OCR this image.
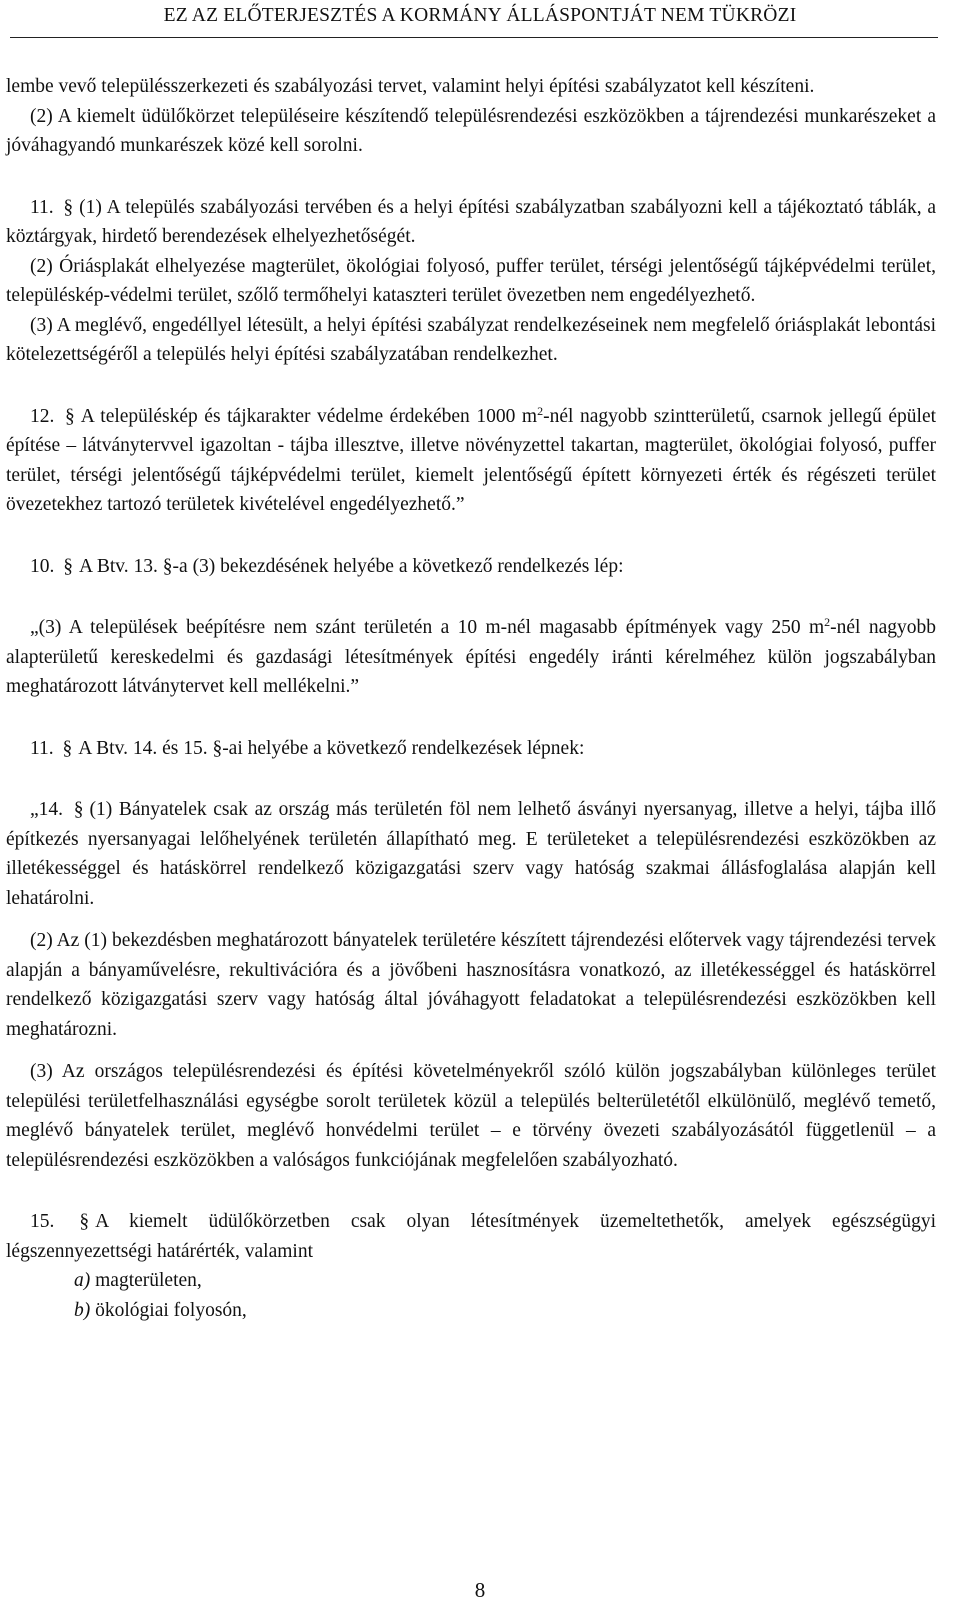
EZ AZ ELŐTERJESZTÉS A KORMÁNY ÁLLÁSPONTJÁT NEM TÜKRÖZI

lembe vevő településszerkezeti és szabályozási tervet, valamint helyi építési szabályzatot kell készíteni.

(2) A kiemelt üdülőkörzet településeire készítendő településrendezési eszközökben a tájrendezési munkarészeket a jóváhagyandó munkarészek közé kell sorolni.

11. § (1) A település szabályozási tervében és a helyi építési szabályzatban szabályozni kell a tájékoztató táblák, a köztárgyak, hirdető berendezések elhelyezhetőségét.

(2) Óriásplakát elhelyezése magterület, ökológiai folyosó, puffer terület, térségi jelentőségű tájképvédelmi terület, településkép-védelmi terület, szőlő termőhelyi kataszteri terület övezetben nem engedélyezhető.

(3) A meglévő, engedéllyel létesült, a helyi építési szabályzat rendelkezéseinek nem megfelelő óriásplakát lebontási kötelezettségéről a település helyi építési szabályzatában rendelkezhet.

12. § A településkép és tájkarakter védelme érdekében 1000 $m^2$-nél nagyobb szintterületű, csarnok jellegű épület építése – látványtervvel igazoltan - tájba illesztve, illetve növényzettel takartan, magterület, ökológiai folyosó, puffer terület, térségi jelentőségű tájképvédelmi terület, kiemelt jelentőségű épített környezeti érték és régészeti terület övezetekhez tartozó területek kivételével engedélyezhető.”

10. § A Btv. 13. §-a (3) bekezdésének helyébe a következő rendelkezés lép:

„(3) A települések beépítésre nem szánt területén a 10 m-nél magasabb építmények vagy 250 $m^2$-nél nagyobb alapterületű kereskedelmi és gazdasági létesítmények építési engedély iránti kérelméhez külön jogszabályban meghatározott látványtervet kell mellékelni.”

11. § A Btv. 14. és 15. §-ai helyébe a következő rendelkezések lépnek:

„14. § (1) Bányatelek csak az ország más területén föl nem lelhető ásványi nyersanyag, illetve a helyi, tájba illő építkezés nyersanyagai lelőhelyének területén állapítható meg. E területeket a településrendezési eszközökben az illetékességgel és hatáskörrel rendelkező közigazgatási szerv vagy hatóság szakmai állásfoglalása alapján kell lehatárolni.

(2) Az (1) bekezdésben meghatározott bányatelek területére készített tájrendezési előtervek vagy tájrendezési tervek alapján a bányaművelésre, rekultivációra és a jövőbeni hasznosításra vonatkozó, az illetékességgel és hatáskörrel rendelkező közigazgatási szerv vagy hatóság által jóváhagyott feladatokat a településrendezési eszközökben kell meghatározni.

(3) Az országos településrendezési és építési követelményekről szóló külön jogszabályban különleges terület települési területfelhasználási egységbe sorolt területek közül a település belterületétől elkülönülő, meglévő temető, meglévő bányatelek terület, meglévő honvédelmi terület – e törvény övezeti szabályozásától függetlenül – a településrendezési eszközökben a valóságos funkciójának megfelelően szabályozható.

15. § A kiemelt üdülőkörzetben csak olyan létesítmények üzemeltethetők, amelyek egészségügyi légszennyezettségi határérték, valamint

a) magterületen,
b) ökológiai folyosón,
8
